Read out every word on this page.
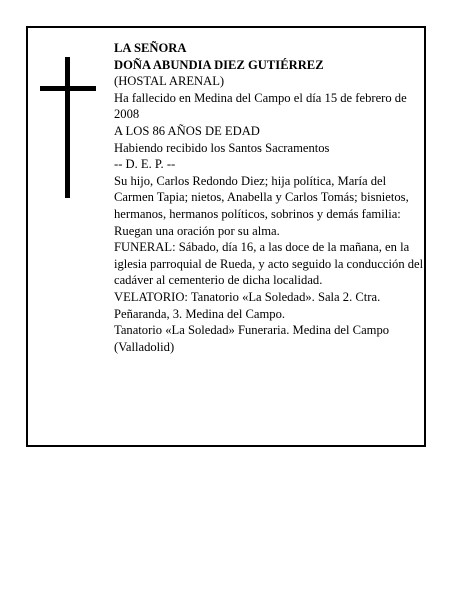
LA SEÑORA

DOÑA ABUNDIA DIEZ GUTIÉRREZ

(HOSTAL ARENAL)

Ha fallecido en Medina del Campo el día 15 de febrero de 2008

A LOS 86 AÑOS DE EDAD

Habiendo recibido los Santos Sacramentos

-- D. E. P. --

Su hijo, Carlos Redondo Diez; hija política, María del Carmen Tapia; nietos, Anabella y Carlos Tomás; bisnietos, hermanos, hermanos políticos, sobrinos y demás familia:

Ruegan una oración por su alma.

FUNERAL: Sábado, día 16, a las doce de la mañana, en la iglesia parroquial de Rueda, y acto seguido la conducción del cadáver al cementerio de dicha localidad.

VELATORIO: Tanatorio «La Soledad». Sala 2. Ctra. Peñaranda, 3. Medina del Campo.

Tanatorio «La Soledad» Funeraria. Medina del Campo (Valladolid)
